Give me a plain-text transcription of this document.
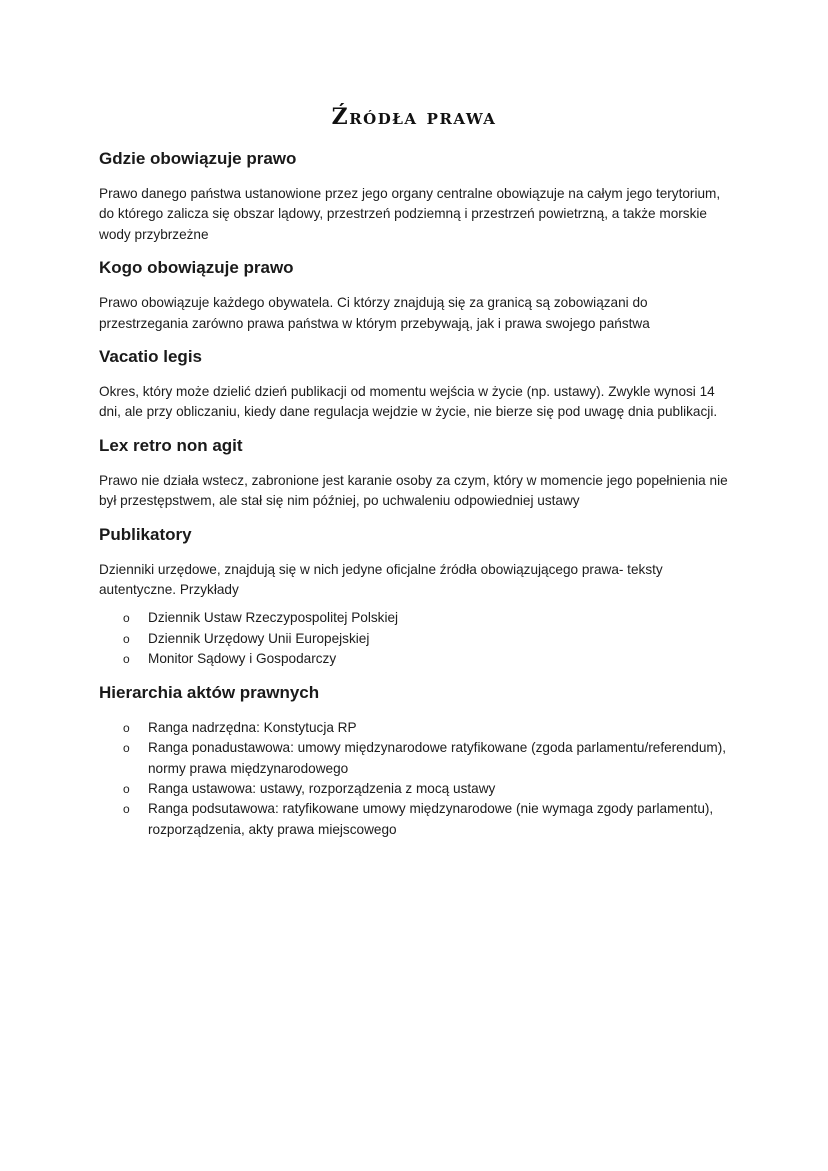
Źródła prawa
Gdzie obowiązuje prawo

Prawo danego państwa ustanowione przez jego organy centralne obowiązuje na całym jego terytorium, do którego zalicza się obszar lądowy, przestrzeń podziemną i przestrzeń powietrzną, a także morskie wody przybrzeżne

Kogo obowiązuje prawo

Prawo obowiązuje każdego obywatela. Ci którzy znajdują się za granicą są zobowiązani do przestrzegania zarówno prawa państwa w którym przebywają, jak i prawa swojego państwa

Vacatio legis

Okres, który może dzielić dzień publikacji od momentu wejścia w życie (np. ustawy). Zwykle wynosi 14 dni, ale przy obliczaniu, kiedy dane regulacja wejdzie w życie, nie bierze się pod uwagę dnia publikacji.

Lex retro non agit

Prawo nie działa wstecz, zabronione jest karanie osoby za czym, który w momencie jego popełnienia nie był przestępstwem, ale stał się nim później, po uchwaleniu odpowiedniej ustawy

Publikatory

Dzienniki urzędowe, znajdują się w nich jedyne oficjalne źródła obowiązującego prawa- teksty autentyczne. Przykłady

o Dziennik Ustaw Rzeczypospolitej Polskiej
o Dziennik Urzędowy Unii Europejskiej
o Monitor Sądowy i Gospodarczy
Hierarchia aktów prawnych
o Ranga nadrzędna: Konstytucja RP
o Ranga ponadustawowa: umowy międzynarodowe ratyfikowane (zgoda parlamentu/referendum), normy prawa międzynarodowego
o Ranga ustawowa: ustawy, rozporządzenia z mocą ustawy
o Ranga podsutawowa: ratyfikowane umowy międzynarodowe (nie wymaga zgody parlamentu), rozporządzenia, akty prawa miejscowego
